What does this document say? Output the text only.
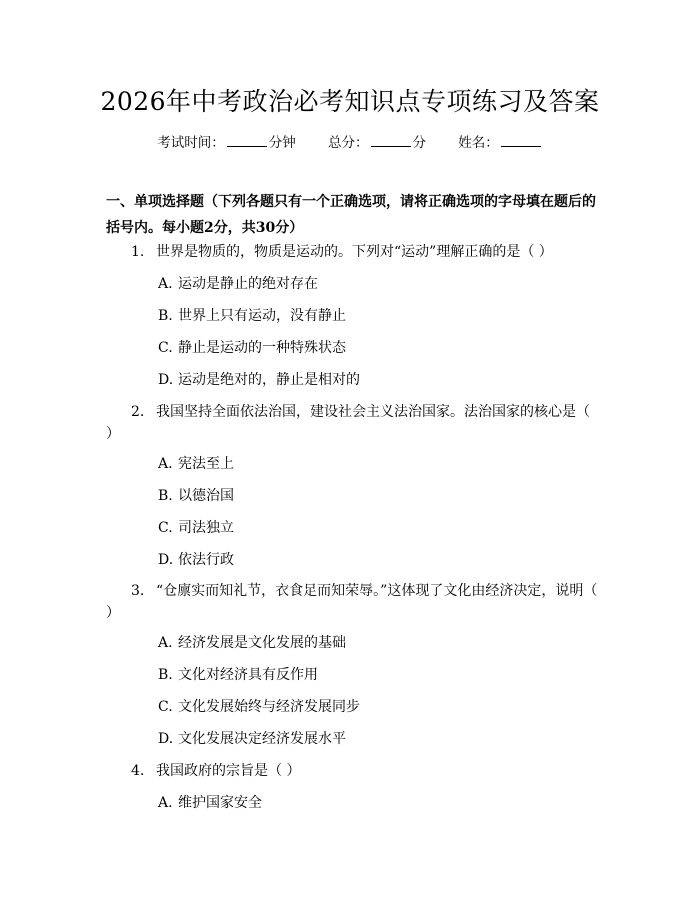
2026年中考政治必考知识点专项练习及答案
考试时间：	分钟 总分：	分 姓名：
一、单项选择题（下列各题只有一个正确选项，请将正确选项的字母填在题后的括号内。每小题2分，共30分）
1. 世界是物质的，物质是运动的。下列对“运动”理解正确的是（ ）
A. 运动是静止的绝对存在
B. 世界上只有运动，没有静止
C. 静止是运动的一种特殊状态
D. 运动是绝对的，静止是相对的
2. 我国坚持全面依法治国，建设社会主义法治国家。法治国家的核心是（ ）
A. 宪法至上
B. 以德治国
C. 司法独立
D. 依法行政
3. “仓廪实而知礼节，衣食足而知荣辱。”这体现了文化由经济决定，说明（ ）
A. 经济发展是文化发展的基础
B. 文化对经济具有反作用
C. 文化发展始终与经济发展同步
D. 文化发展决定经济发展水平
4. 我国政府的宗旨是（ ）
A. 维护国家安全
